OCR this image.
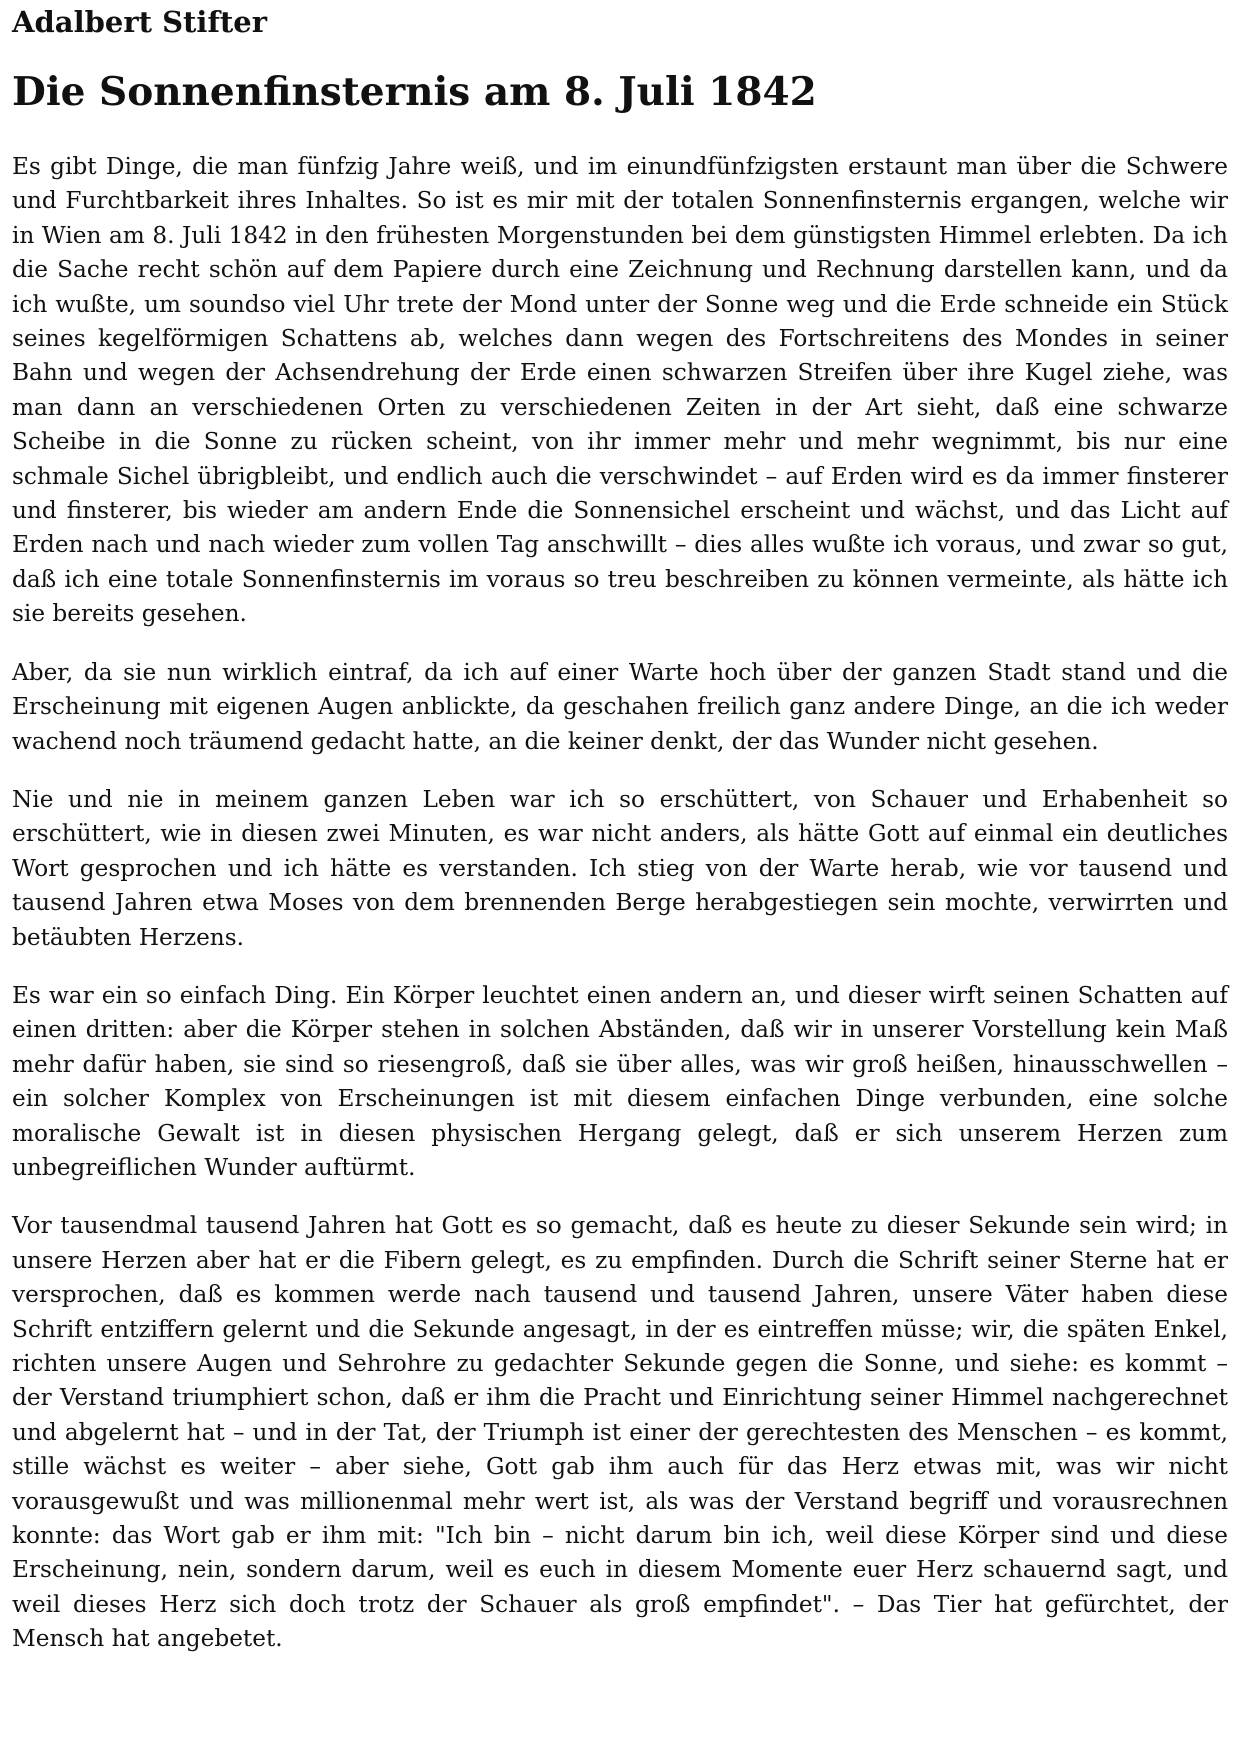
Adalbert Stifter

Die Sonnenfinsternis am 8. Juli 1842

Es gibt Dinge, die man fünfzig Jahre weiß, und im einundfünfzigsten erstaunt man über die Schwere und Furchtbarkeit ihres Inhaltes. So ist es mir mit der totalen Sonnenfinsternis ergangen, welche wir in Wien am 8. Juli 1842 in den frühesten Morgenstunden bei dem günstigsten Himmel erlebten. Da ich die Sache recht schön auf dem Papiere durch eine Zeichnung und Rechnung darstellen kann, und da ich wußte, um soundso viel Uhr trete der Mond unter der Sonne weg und die Erde schneide ein Stück seines kegelförmigen Schattens ab, welches dann wegen des Fortschreitens des Mondes in seiner Bahn und wegen der Achsendrehung der Erde einen schwarzen Streifen über ihre Kugel ziehe, was man dann an verschiedenen Orten zu verschiedenen Zeiten in der Art sieht, daß eine schwarze Scheibe in die Sonne zu rücken scheint, von ihr immer mehr und mehr wegnimmt, bis nur eine schmale Sichel übrigbleibt, und endlich auch die verschwindet – auf Erden wird es da immer finsterer und finsterer, bis wieder am andern Ende die Sonnensichel erscheint und wächst, und das Licht auf Erden nach und nach wieder zum vollen Tag anschwillt – dies alles wußte ich voraus, und zwar so gut, daß ich eine totale Sonnenfinsternis im voraus so treu beschreiben zu können vermeinte, als hätte ich sie bereits gesehen.

Aber, da sie nun wirklich eintraf, da ich auf einer Warte hoch über der ganzen Stadt stand und die Erscheinung mit eigenen Augen anblickte, da geschahen freilich ganz andere Dinge, an die ich weder wachend noch träumend gedacht hatte, an die keiner denkt, der das Wunder nicht gesehen.

Nie und nie in meinem ganzen Leben war ich so erschüttert, von Schauer und Erhabenheit so erschüttert, wie in diesen zwei Minuten, es war nicht anders, als hätte Gott auf einmal ein deutliches Wort gesprochen und ich hätte es verstanden. Ich stieg von der Warte herab, wie vor tausend und tausend Jahren etwa Moses von dem brennenden Berge herabgestiegen sein mochte, verwirrten und betäubten Herzens.

Es war ein so einfach Ding. Ein Körper leuchtet einen andern an, und dieser wirft seinen Schatten auf einen dritten: aber die Körper stehen in solchen Abständen, daß wir in unserer Vorstellung kein Maß mehr dafür haben, sie sind so riesengroß, daß sie über alles, was wir groß heißen, hinausschwellen – ein solcher Komplex von Erscheinungen ist mit diesem einfachen Dinge verbunden, eine solche moralische Gewalt ist in diesen physischen Hergang gelegt, daß er sich unserem Herzen zum unbegreiflichen Wunder auftürmt.

Vor tausendmal tausend Jahren hat Gott es so gemacht, daß es heute zu dieser Sekunde sein wird; in unsere Herzen aber hat er die Fibern gelegt, es zu empfinden. Durch die Schrift seiner Sterne hat er versprochen, daß es kommen werde nach tausend und tausend Jahren, unsere Väter haben diese Schrift entziffern gelernt und die Sekunde angesagt, in der es eintreffen müsse; wir, die späten Enkel, richten unsere Augen und Sehrohre zu gedachter Sekunde gegen die Sonne, und siehe: es kommt – der Verstand triumphiert schon, daß er ihm die Pracht und Einrichtung seiner Himmel nachgerechnet und abgelernt hat – und in der Tat, der Triumph ist einer der gerechtesten des Menschen – es kommt, stille wächst es weiter – aber siehe, Gott gab ihm auch für das Herz etwas mit, was wir nicht vorausgewußt und was millionenmal mehr wert ist, als was der Verstand begriff und vorausrechnen konnte: das Wort gab er ihm mit: "Ich bin – nicht darum bin ich, weil diese Körper sind und diese Erscheinung, nein, sondern darum, weil es euch in diesem Momente euer Herz schauernd sagt, und weil dieses Herz sich doch trotz der Schauer als groß empfindet". – Das Tier hat gefürchtet, der Mensch hat angebetet.
